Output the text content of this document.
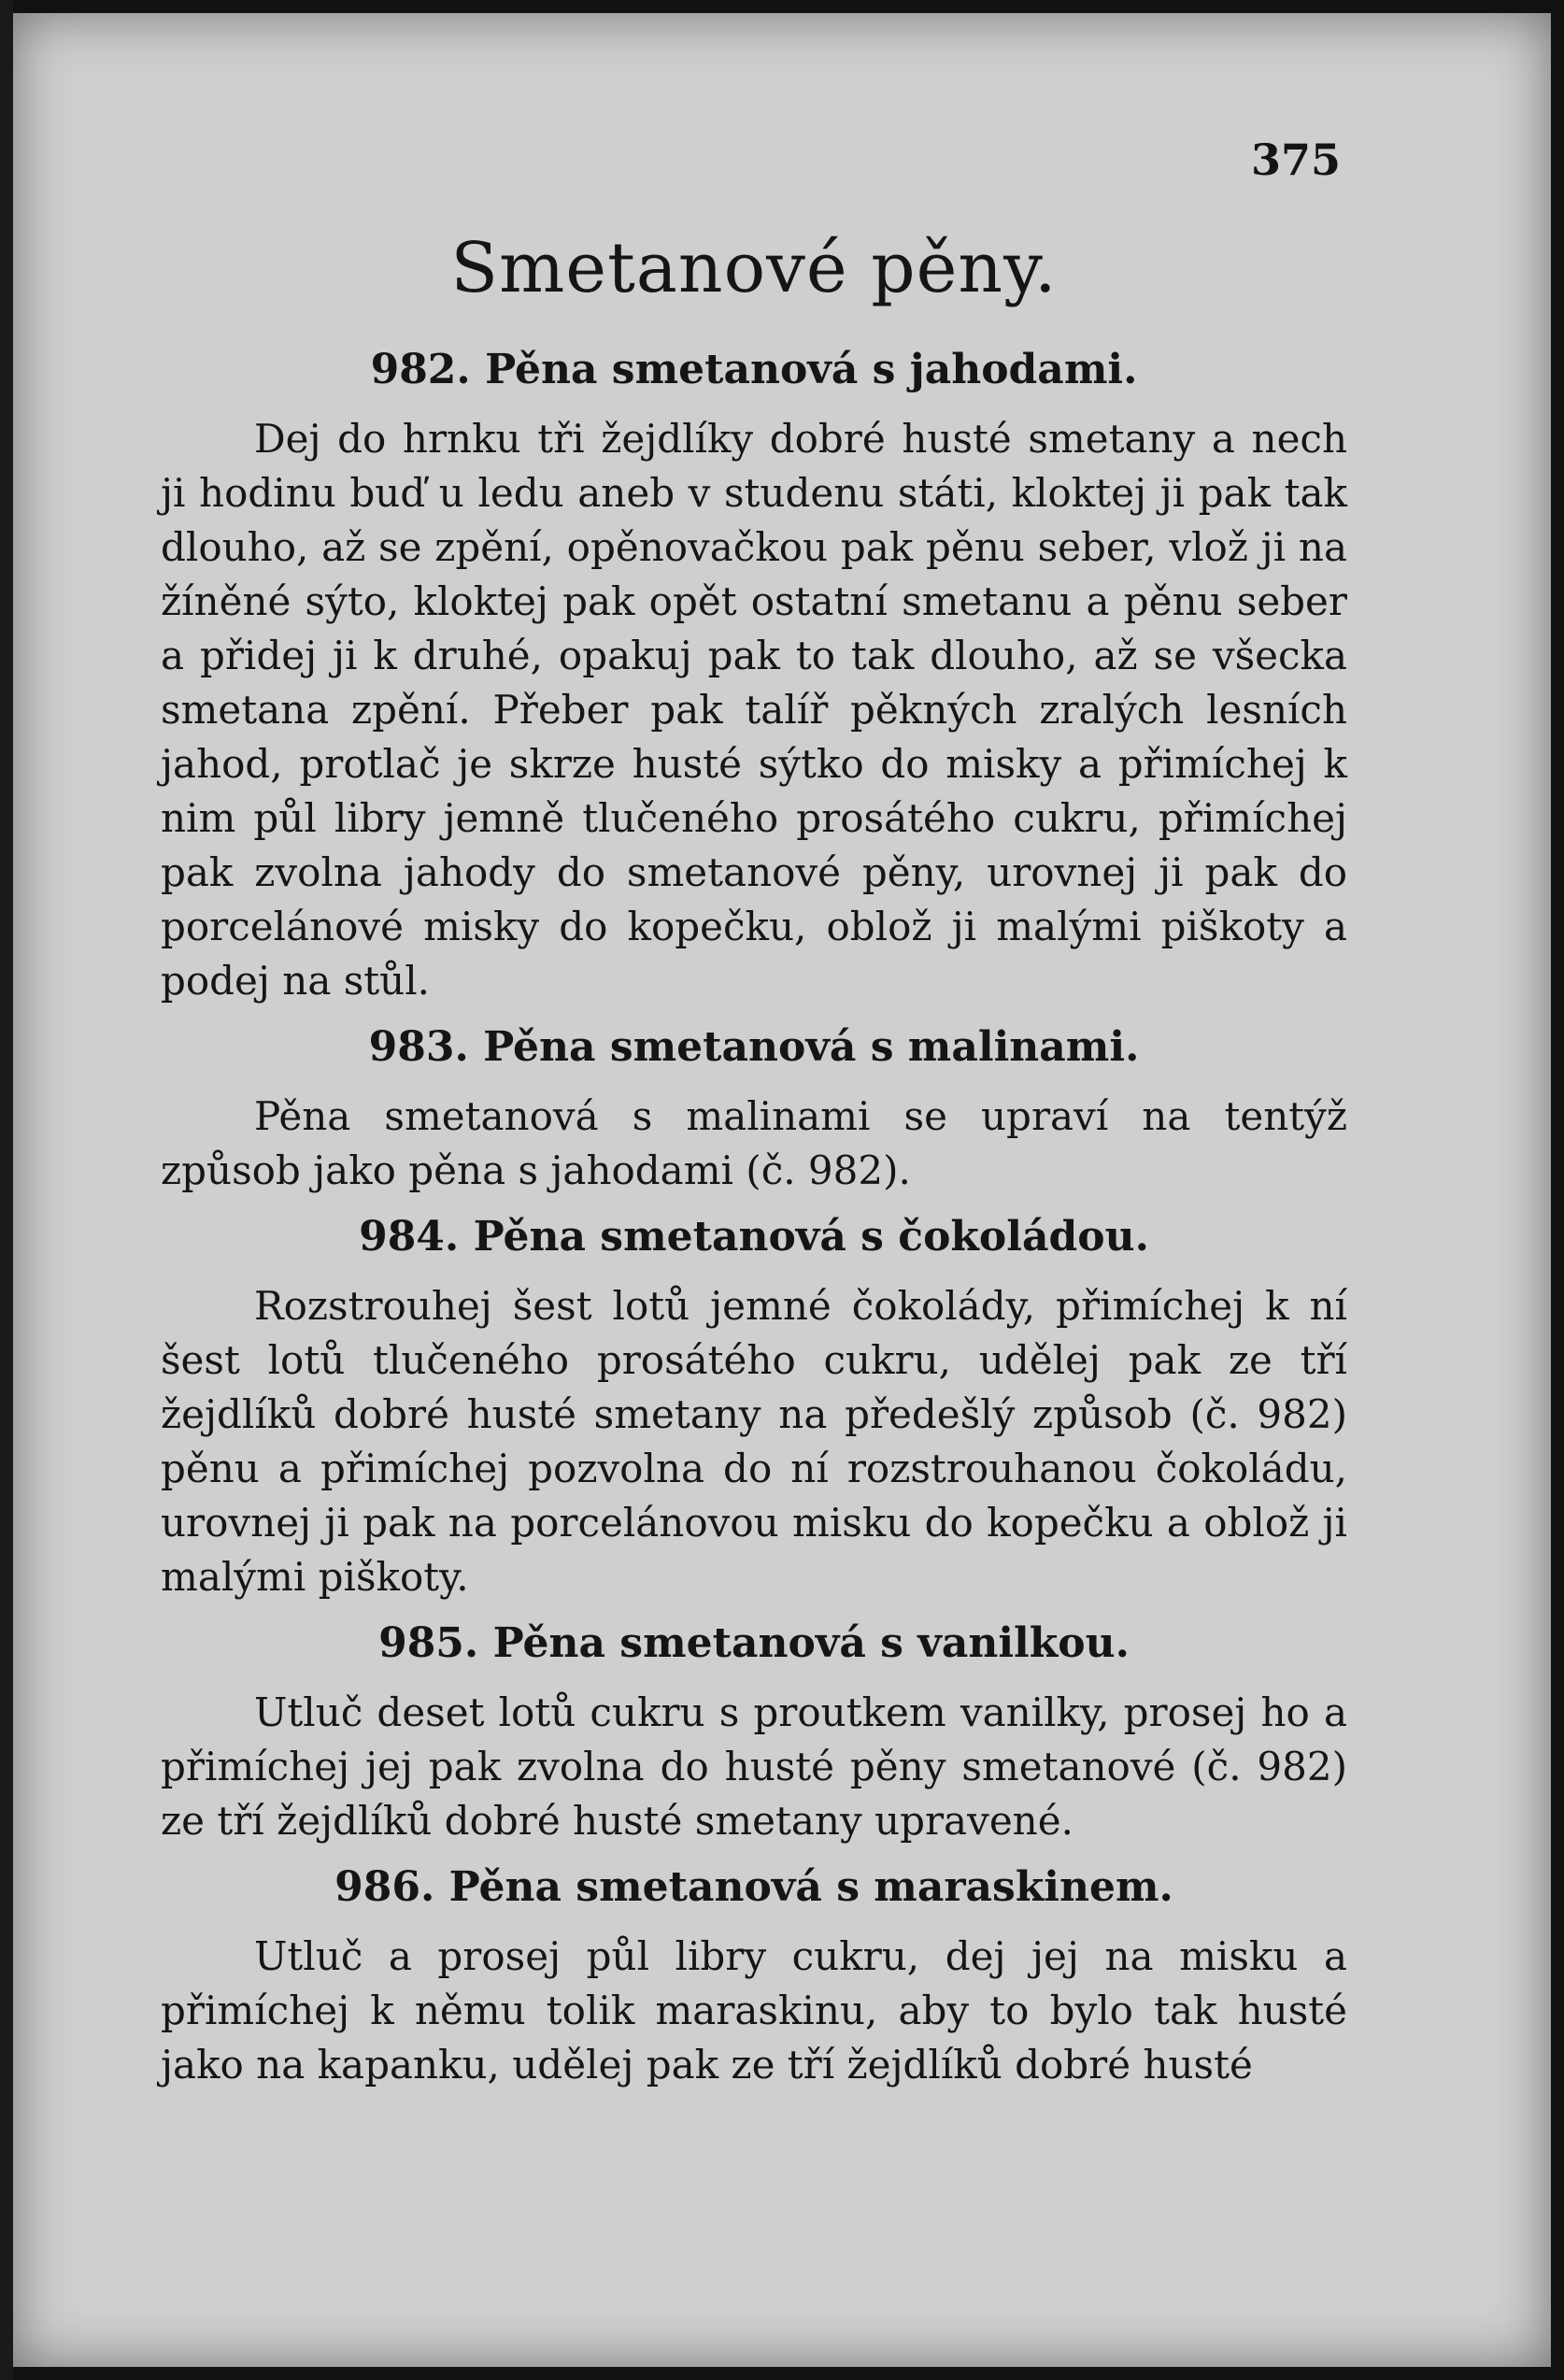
375
Smetanové pěny.
982. Pěna smetanová s jahodami.

Dej do hrnku tři žejdlíky dobré husté smetany a nech ji hodinu buď u ledu aneb v studenu státi, kloktej ji pak tak dlouho, až se zpění, opěnovačkou pak pěnu seber, vlož ji na žíněné sýto, kloktej pak opět ostatní smetanu a pěnu seber a přidej ji k druhé, opakuj pak to tak dlouho, až se všecka smetana zpění. Přeber pak talíř pěkných zralých lesních jahod, protlač je skrze husté sýtko do misky a přimíchej k nim půl libry jemně tlučeného prosátého cukru, přimíchej pak zvolna jahody do smetanové pěny, urovnej ji pak do porcelánové misky do kopečku, oblož ji malými piškoty a podej na stůl.

983. Pěna smetanová s malinami.

Pěna smetanová s malinami se upraví na tentýž způsob jako pěna s jahodami (č. 982).

984. Pěna smetanová s čokoládou.

Rozstrouhej šest lotů jemné čokolády, přimíchej k ní šest lotů tlučeného prosátého cukru, udělej pak ze tří žejdlíků dobré husté smetany na předešlý způsob (č. 982) pěnu a přimíchej pozvolna do ní rozstrouhanou čokoládu, urovnej ji pak na porcelánovou misku do kopečku a oblož ji malými piškoty.

985. Pěna smetanová s vanilkou.

Utluč deset lotů cukru s proutkem vanilky, prosej ho a přimíchej jej pak zvolna do husté pěny smetanové (č. 982) ze tří žejdlíků dobré husté smetany upravené.

986. Pěna smetanová s maraskinem.

Utluč a prosej půl libry cukru, dej jej na misku a přimíchej k němu tolik maraskinu, aby to bylo tak husté jako na kapanku, udělej pak ze tří žejdlíků dobré husté
